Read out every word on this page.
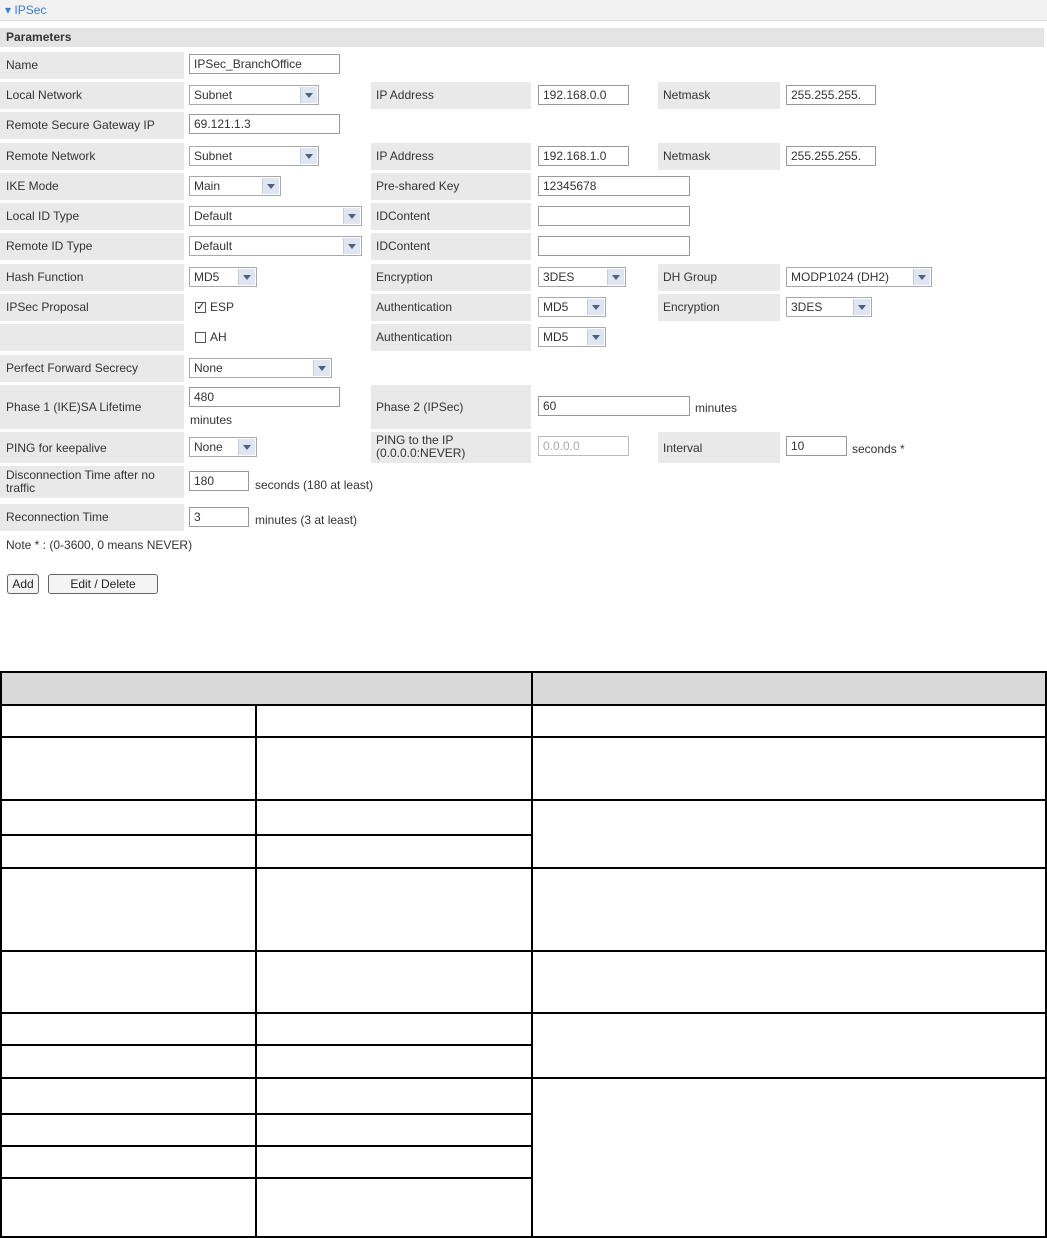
▾ IPSec
Parameters
Name	IPSec_BranchOffice
Local Network	Subnet	IP Address	192.168.0.0	Netmask	255.255.255.
Remote Secure Gateway IP	69.121.1.3
Remote Network	Subnet	IP Address	192.168.1.0	Netmask	255.255.255.
IKE Mode	Main	Pre-shared Key	12345678
Local ID Type	Default	IDContent
Remote ID Type	Default	IDContent
Hash Function	MD5	Encryption	3DES	DH Group	MODP1024 (DH2)
IPSec Proposal
✓	ESP	Authentication	MD5	Encryption	3DES
AH	Authentication	MD5
Perfect Forward Secrecy	None
Phase 1 (IKE)SA Lifetime
480
minutes
Phase 2 (IPSec)	60	minutes
PING for keepalive	None	PING to the IP (0.0.0.0:NEVER)	0.0.0.0	Interval	10	seconds *
Disconnection Time after no traffic	180	seconds (180 at least)
Reconnection Time	3	minutes (3 at least)
Note * : (0-3600, 0 means NEVER)
Add	Edit / Delete
